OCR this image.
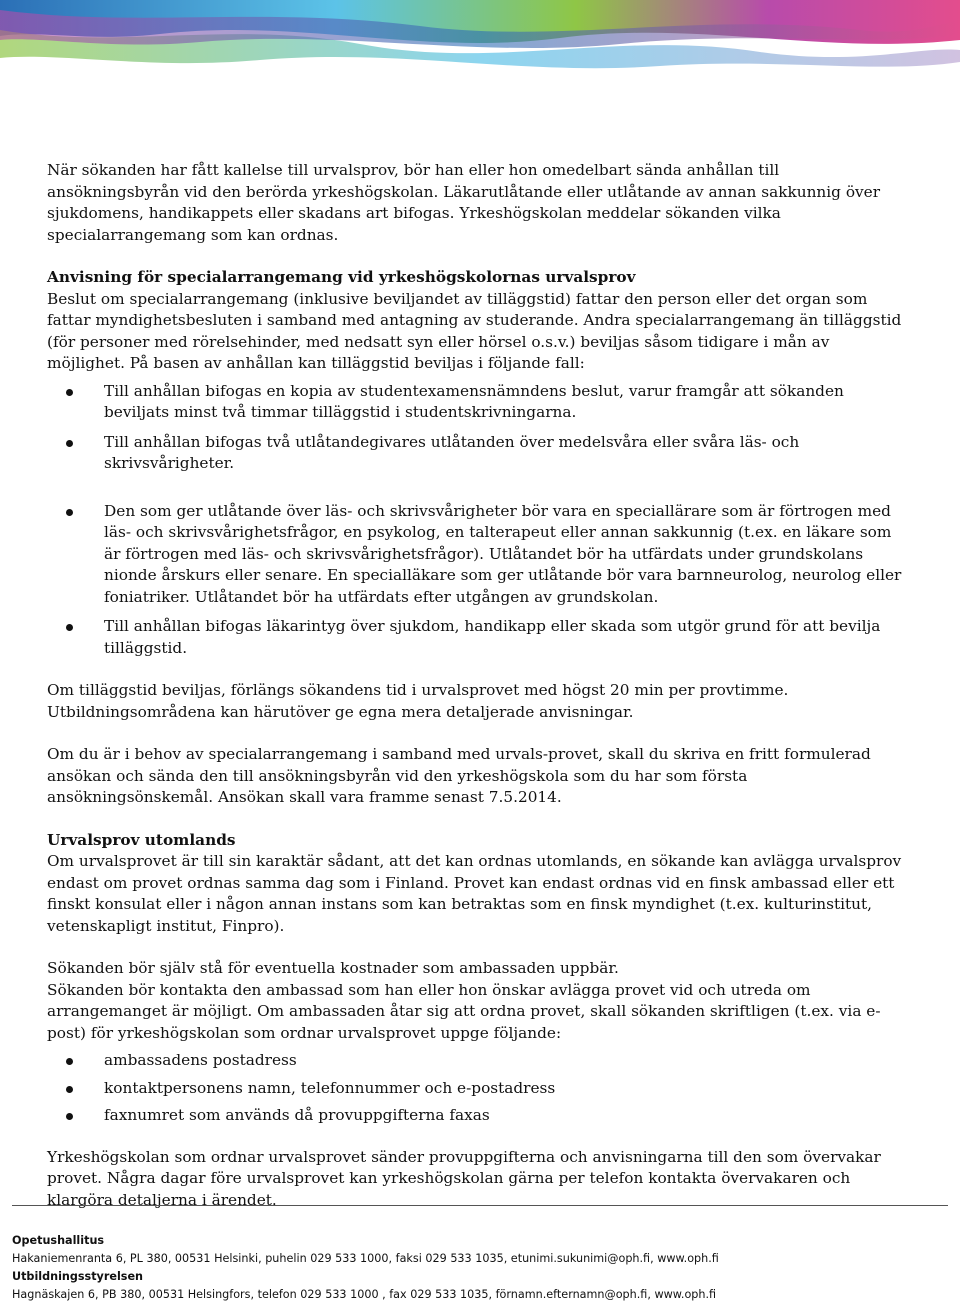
När sökanden har fått kallelse till urvalsprov, bör han eller hon omedelbart sända anhållan till ansökningsbyrån vid den berörda yrkeshögskolan. Läkarutlåtande eller utlåtande av annan sakkunnig över sjukdomens, handikappets eller skadans art bifogas. Yrkeshögskolan meddelar sökanden vilka specialarrangemang som kan ordnas.

Anvisning för specialarrangemang vid yrkeshögskolornas urvalsprov
Beslut om specialarrangemang (inklusive beviljandet av tilläggstid) fattar den person eller det organ som fattar myndighetsbesluten i samband med antagning av studerande. Andra specialarrangemang än tilläggstid (för personer med rörelsehinder, med nedsatt syn eller hörsel o.s.v.) beviljas såsom tidigare i mån av möjlighet. På basen av anhållan kan tilläggstid beviljas i följande fall:

Till anhållan bifogas en kopia av studentexamensnämndens beslut, varur framgår att sökanden beviljats minst två timmar tilläggstid i studentskrivningarna.
Till anhållan bifogas två utlåtandegivares utlåtanden över medelsvåra eller svåra läs- och skrivsvårigheter.
Den som ger utlåtande över läs- och skrivsvårigheter bör vara en speciallärare som är förtrogen med läs- och skrivsvårighetsfrågor, en psykolog, en talterapeut eller annan sakkunnig (t.ex. en läkare som är förtrogen med läs- och skrivsvårighetsfrågor). Utlåtandet bör ha utfärdats under grundskolans nionde årskurs eller senare. En specialläkare som ger utlåtande bör vara barnneurolog, neurolog eller foniatriker. Utlåtandet bör ha utfärdats efter utgången av grundskolan.
Till anhållan bifogas läkarintyg över sjukdom, handikapp eller skada som utgör grund för att bevilja tilläggstid.

Om tilläggstid beviljas, förlängs sökandens tid i urvalsprovet med högst 20 min per provtimme. Utbildningsområdena kan härutöver ge egna mera detaljerade anvisningar.

Om du är i behov av specialarrangemang i samband med urvals-provet, skall du skriva en fritt formulerad ansökan och sända den till ansökningsbyrån vid den yrkeshögskola som du har som första ansökningsönskemål. Ansökan skall vara framme senast 7.5.2014.

Urvalsprov utomlands
Om urvalsprovet är till sin karaktär sådant, att det kan ordnas utomlands, en sökande kan avlägga urvalsprov endast om provet ordnas samma dag som i Finland. Provet kan endast ordnas vid en finsk ambassad eller ett finskt konsulat eller i någon annan instans som kan betraktas som en finsk myndighet (t.ex. kulturinstitut, vetenskapligt institut, Finpro).

Sökanden bör själv stå för eventuella kostnader som ambassaden uppbär.
Sökanden bör kontakta den ambassad som han eller hon önskar avlägga provet vid och utreda om arrangemanget är möjligt. Om ambassaden åtar sig att ordna provet, skall sökanden skriftligen (t.ex. via e-post) för yrkeshögskolan som ordnar urvalsprovet uppge följande:

ambassadens postadress
kontaktpersonens namn, telefonnummer och e-postadress
faxnumret som används då provuppgifterna faxas

Yrkeshögskolan som ordnar urvalsprovet sänder provuppgifterna och anvisningarna till den som övervakar provet. Några dagar före urvalsprovet kan yrkeshögskolan gärna per telefon kontakta övervakaren och klargöra detaljerna i ärendet.

Opetushallitus
Hakaniemenranta 6, PL 380, 00531 Helsinki, puhelin 029 533 1000, faksi 029 533 1035, etunimi.sukunimi@oph.fi, www.oph.fi
Utbildningsstyrelsen
Hagnäskajen 6, PB 380, 00531 Helsingfors, telefon 029 533 1000 , fax 029 533 1035, förnamn.efternamn@oph.fi, www.oph.fi
